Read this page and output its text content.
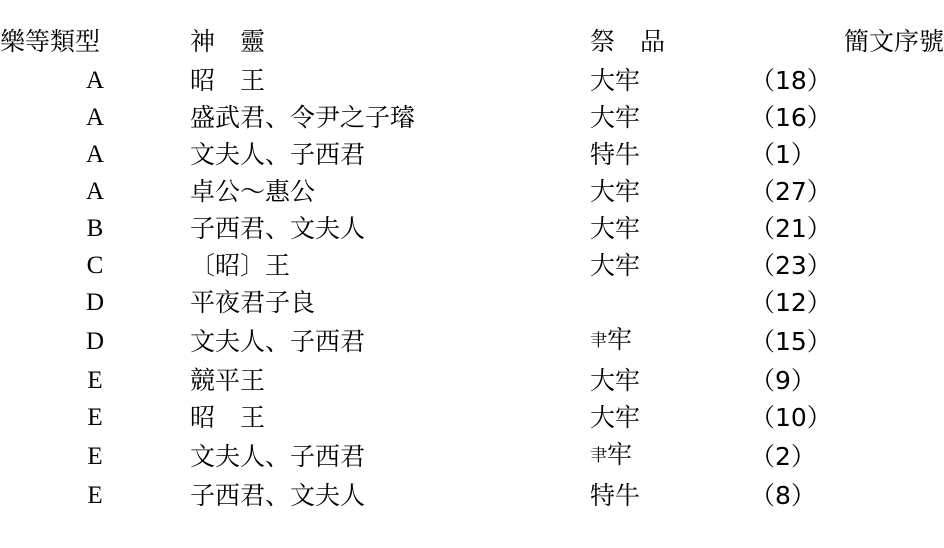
樂等類型	神　靈	祭　品	簡文序號
A	昭　王	大牢	（18）
A	盛武君、令尹之子璿	大牢	（16）
A	文夫人、子西君	特牛	（1）
A	卓公～惠公	大牢	（27）
B	子西君、文夫人	大牢	（21）
C	〔昭〕王	大牢	（23）
D	平夜君子良		（12）
D	文夫人、子西君	𦘒牢	（15）
E	競平王	大牢	（9）
E	昭　王	大牢	（10）
E	文夫人、子西君	𦘒牢	（2）
E	子西君、文夫人	特牛	（8）
